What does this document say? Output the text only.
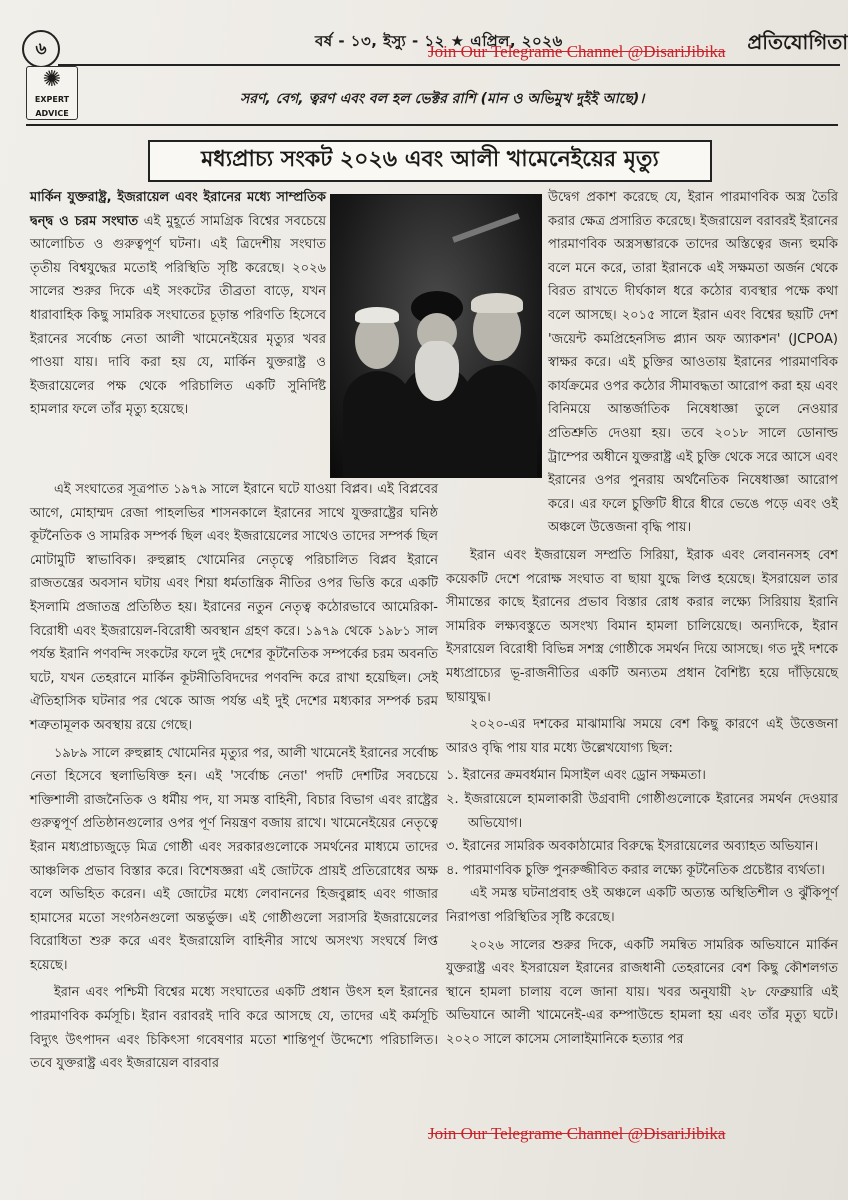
৬	বর্ষ - ১৩, ইস্যু - ১২ ★ এপ্রিল, ২০২৬	প্রতিযোগিতা
Join Our Telegrame Channel @DisariJibika
✺
EXPERT ADVICE
সরণ, বেগ, ত্বরণ এবং বল হল ভেক্টর রাশি (মান ও অভিমুখ দুইই আছে)।
মধ্যপ্রাচ্য সংকট ২০২৬ এবং আলী খামেনেইয়ের মৃত্যু

মার্কিন যুক্তরাষ্ট্র, ইজরায়েল এবং ইরানের মধ্যে সাম্প্রতিক দ্বন্দ্ব ও চরম সংঘাত এই মুহূর্তে সামগ্রিক বিশ্বের সবচেয়ে আলোচিত ও গুরুত্বপূর্ণ ঘটনা। এই ত্রিদেশীয় সংঘাত তৃতীয় বিশ্বযুদ্ধের মতোই পরিস্থিতি সৃষ্টি করেছে। ২০২৬ সালের শুরুর দিকে এই সংকটের তীব্রতা বাড়ে, যখন ধারাবাহিক কিছু সামরিক সংঘাতের চূড়ান্ত পরিণতি হিসেবে ইরানের সর্বোচ্চ নেতা আলী খামেনেইয়ের মৃত্যুর খবর পাওয়া যায়। দাবি করা হয় যে, মার্কিন যুক্তরাষ্ট্র ও ইজরায়েলের পক্ষ থেকে পরিচালিত একটি সুনির্দিষ্ট হামলার ফলে তাঁর মৃত্যু হয়েছে।

এই সংঘাতের সূত্রপাত ১৯৭৯ সালে ইরানে ঘটে যাওয়া বিপ্লব। এই বিপ্লবের আগে, মোহাম্মদ রেজা পাহলভির শাসনকালে ইরানের সাথে যুক্তরাষ্ট্রের ঘনিষ্ঠ কূটনৈতিক ও সামরিক সম্পর্ক ছিল এবং ইজরায়েলের সাথেও তাদের সম্পর্ক ছিল মোটামুটি স্বাভাবিক। রুহুল্লাহ খোমেনির নেতৃত্বে পরিচালিত বিপ্লব ইরানে রাজতন্ত্রের অবসান ঘটায় এবং শিয়া ধর্মতান্ত্রিক নীতির ওপর ভিত্তি করে একটি ইসলামি প্রজাতন্ত্র প্রতিষ্ঠিত হয়। ইরানের নতুন নেতৃত্ব কঠোরভাবে আমেরিকা-বিরোধী এবং ইজরায়েল-বিরোধী অবস্থান গ্রহণ করে। ১৯৭৯ থেকে ১৯৮১ সাল পর্যন্ত ইরানি পণবন্দি সংকটের ফলে দুই দেশের কূটনৈতিক সম্পর্কের চরম অবনতি ঘটে, যখন তেহরানে মার্কিন কূটনীতিবিদদের পণবন্দি করে রাখা হয়েছিল। সেই ঐতিহাসিক ঘটনার পর থেকে আজ পর্যন্ত এই দুই দেশের মধ্যকার সম্পর্ক চরম শত্রুতামূলক অবস্থায় রয়ে গেছে।

১৯৮৯ সালে রুহুল্লাহ খোমেনির মৃত্যুর পর, আলী খামেনেই ইরানের সর্বোচ্চ নেতা হিসেবে স্থলাভিষিক্ত হন। এই 'সর্বোচ্চ নেতা' পদটি দেশটির সবচেয়ে শক্তিশালী রাজনৈতিক ও ধর্মীয় পদ, যা সমস্ত বাহিনী, বিচার বিভাগ এবং রাষ্ট্রের গুরুত্বপূর্ণ প্রতিষ্ঠানগুলোর ওপর পূর্ণ নিয়ন্ত্রণ বজায় রাখে। খামেনেইয়ের নেতৃত্বে ইরান মধ্যপ্রাচ্যজুড়ে মিত্র গোষ্ঠী এবং সরকারগুলোকে সমর্থনের মাধ্যমে তাদের আঞ্চলিক প্রভাব বিস্তার করে। বিশেষজ্ঞরা এই জোটকে প্রায়ই প্রতিরোধের অক্ষ বলে অভিহিত করেন। এই জোটের মধ্যে লেবাননের হিজবুল্লাহ এবং গাজার হামাসের মতো সংগঠনগুলো অন্তর্ভুক্ত। এই গোষ্ঠীগুলো সরাসরি ইজরায়েলের বিরোধিতা শুরু করে এবং ইজরায়েলি বাহিনীর সাথে অসংখ্য সংঘর্ষে লিপ্ত হয়েছে।

ইরান এবং পশ্চিমী বিশ্বের মধ্যে সংঘাতের একটি প্রধান উৎস হল ইরানের পারমাণবিক কর্মসূচি। ইরান বরাবরই দাবি করে আসছে যে, তাদের এই কর্মসূচি বিদ্যুৎ উৎপাদন এবং চিকিৎসা গবেষণার মতো শান্তিপূর্ণ উদ্দেশ্যে পরিচালিত। তবে যুক্তরাষ্ট্র এবং ইজরায়েল বারবার

উদ্বেগ প্রকাশ করেছে যে, ইরান পারমাণবিক অস্ত্র তৈরি করার ক্ষেত্র প্রসারিত করেছে। ইজরায়েল বরাবরই ইরানের পারমাণবিক অস্ত্রসম্ভারকে তাদের অস্তিত্বের জন্য হুমকি বলে মনে করে, তারা ইরানকে এই সক্ষমতা অর্জন থেকে বিরত রাখতে দীর্ঘকাল ধরে কঠোর ব্যবস্থার পক্ষে কথা বলে আসছে। ২০১৫ সালে ইরান এবং বিশ্বের ছয়টি দেশ 'জয়েন্ট কমপ্রিহেনসিভ প্ল্যান অফ অ্যাকশন' (JCPOA) স্বাক্ষর করে। এই চুক্তির আওতায় ইরানের পারমাণবিক কার্যক্রমের ওপর কঠোর সীমাবদ্ধতা আরোপ করা হয় এবং বিনিময়ে আন্তর্জাতিক নিষেধাজ্ঞা তুলে নেওয়ার প্রতিশ্রুতি দেওয়া হয়। তবে ২০১৮ সালে ডোনাল্ড ট্রাম্পের অধীনে যুক্তরাষ্ট্র এই চুক্তি থেকে সরে আসে এবং ইরানের ওপর পুনরায় অর্থনৈতিক নিষেধাজ্ঞা আরোপ করে। এর ফলে চুক্তিটি ধীরে ধীরে ভেঙে পড়ে এবং ওই অঞ্চলে উত্তেজনা বৃদ্ধি পায়।

ইরান এবং ইজরায়েল সম্প্রতি সিরিয়া, ইরাক এবং লেবাননসহ বেশ কয়েকটি দেশে পরোক্ষ সংঘাত বা ছায়া যুদ্ধে লিপ্ত হয়েছে। ইসরায়েল তার সীমান্তের কাছে ইরানের প্রভাব বিস্তার রোধ করার লক্ষ্যে সিরিয়ায় ইরানি সামরিক লক্ষ্যবস্তুতে অসংখ্য বিমান হামলা চালিয়েছে। অন্যদিকে, ইরান ইসরায়েল বিরোধী বিভিন্ন সশস্ত্র গোষ্ঠীকে সমর্থন দিয়ে আসছে। গত দুই দশকে মধ্যপ্রাচ্যের ভূ-রাজনীতির একটি অন্যতম প্রধান বৈশিষ্ট্য হয়ে দাঁড়িয়েছে ছায়াযুদ্ধ।

২০২০-এর দশকের মাঝামাঝি সময়ে বেশ কিছু কারণে এই উত্তেজনা আরও বৃদ্ধি পায় যার মধ্যে উল্লেখযোগ্য ছিল:

১. ইরানের ক্রমবর্ধমান মিসাইল এবং ড্রোন সক্ষমতা।
২. ইজরায়েলে হামলাকারী উগ্রবাদী গোষ্ঠীগুলোকে ইরানের সমর্থন দেওয়ার অভিযোগ।
৩. ইরানের সামরিক অবকাঠামোর বিরুদ্ধে ইসরায়েলের অব্যাহত অভিযান।
৪. পারমাণবিক চুক্তি পুনরুজ্জীবিত করার লক্ষ্যে কূটনৈতিক প্রচেষ্টার ব্যর্থতা।

এই সমস্ত ঘটনাপ্রবাহ ওই অঞ্চলে একটি অত্যন্ত অস্থিতিশীল ও ঝুঁকিপূর্ণ নিরাপত্তা পরিস্থিতির সৃষ্টি করেছে।

২০২৬ সালের শুরুর দিকে, একটি সমন্বিত সামরিক অভিযানে মার্কিন যুক্তরাষ্ট্র এবং ইসরায়েল ইরানের রাজধানী তেহরানের বেশ কিছু কৌশলগত স্থানে হামলা চালায় বলে জানা যায়। খবর অনুযায়ী ২৮ ফেব্রুয়ারি এই অভিযানে আলী খামেনেই-এর কম্পাউন্ডে হামলা হয় এবং তাঁর মৃত্যু ঘটে। ২০২০ সালে কাসেম সোলাইমানিকে হত্যার পর

Join Our Telegrame Channel @DisariJibika
